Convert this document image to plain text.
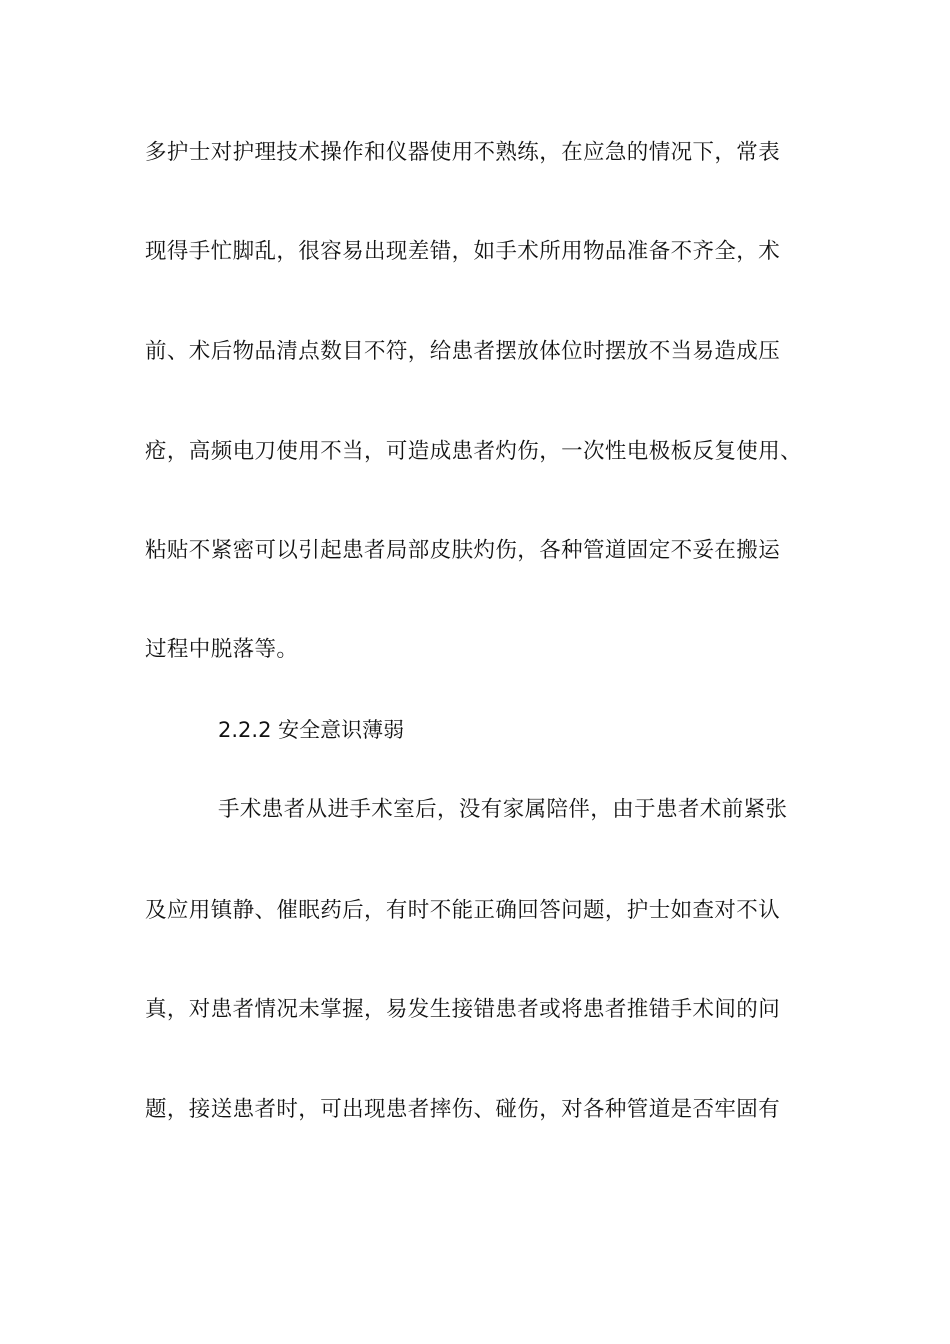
多护士对护理技术操作和仪器使用不熟练，在应急的情况下，常表
现得手忙脚乱，很容易出现差错，如手术所用物品准备不齐全，术
前、术后物品清点数目不符，给患者摆放体位时摆放不当易造成压
疮，高频电刀使用不当，可造成患者灼伤，一次性电极板反复使用、
粘贴不紧密可以引起患者局部皮肤灼伤，各种管道固定不妥在搬运
过程中脱落等。
2.2.2 安全意识薄弱
手术患者从进手术室后，没有家属陪伴，由于患者术前紧张
及应用镇静、催眠药后，有时不能正确回答问题，护士如查对不认
真，对患者情况未掌握，易发生接错患者或将患者推错手术间的问
题，接送患者时，可出现患者摔伤、碰伤，对各种管道是否牢固有
